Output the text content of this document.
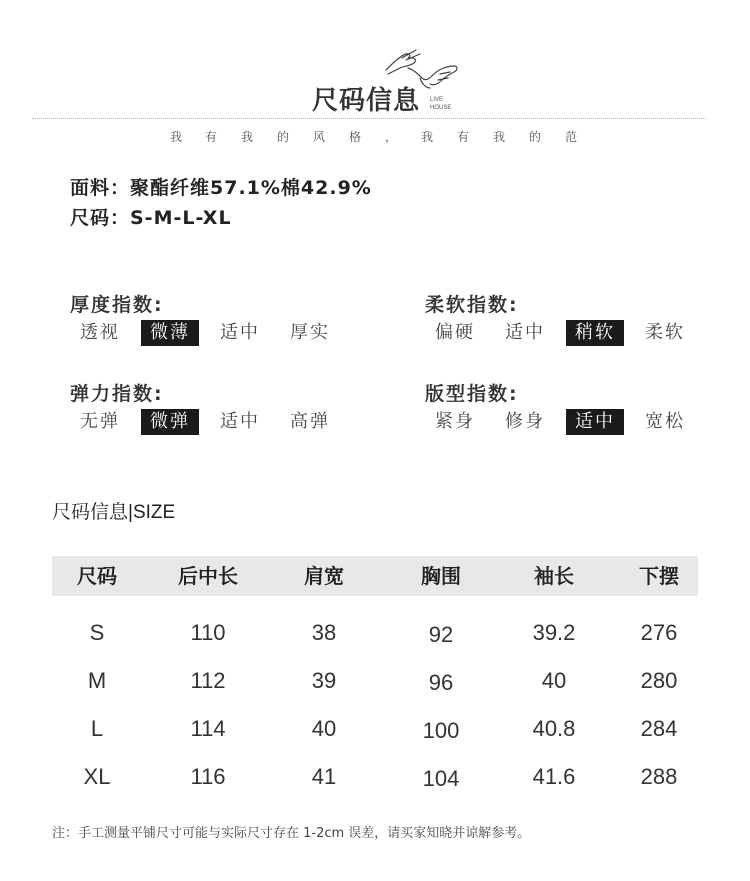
LIVE
HOUSE
尺码信息
我 有 我 的 风 格 ， 我 有 我 的 范
面料：聚酯纤维57.1%棉42.9%
尺码：S-M-L-XL
厚度指数:
透视	微薄	适中	厚实
柔软指数:
偏硬	适中	稍软	柔软
弹力指数:
无弹	微弹	适中	高弹
版型指数:
紧身	修身	适中	宽松
尺码信息|SIZE
尺码	后中长	肩宽	胸围	袖长	下摆
S	110	38	92	39.2	276
M	112	39	96	40	280
L	114	40	100	40.8	284
XL	116	41	104	41.6	288
注：手工测量平铺尺寸可能与实际尺寸存在 1-2cm 误差，请买家知晓并谅解参考。
